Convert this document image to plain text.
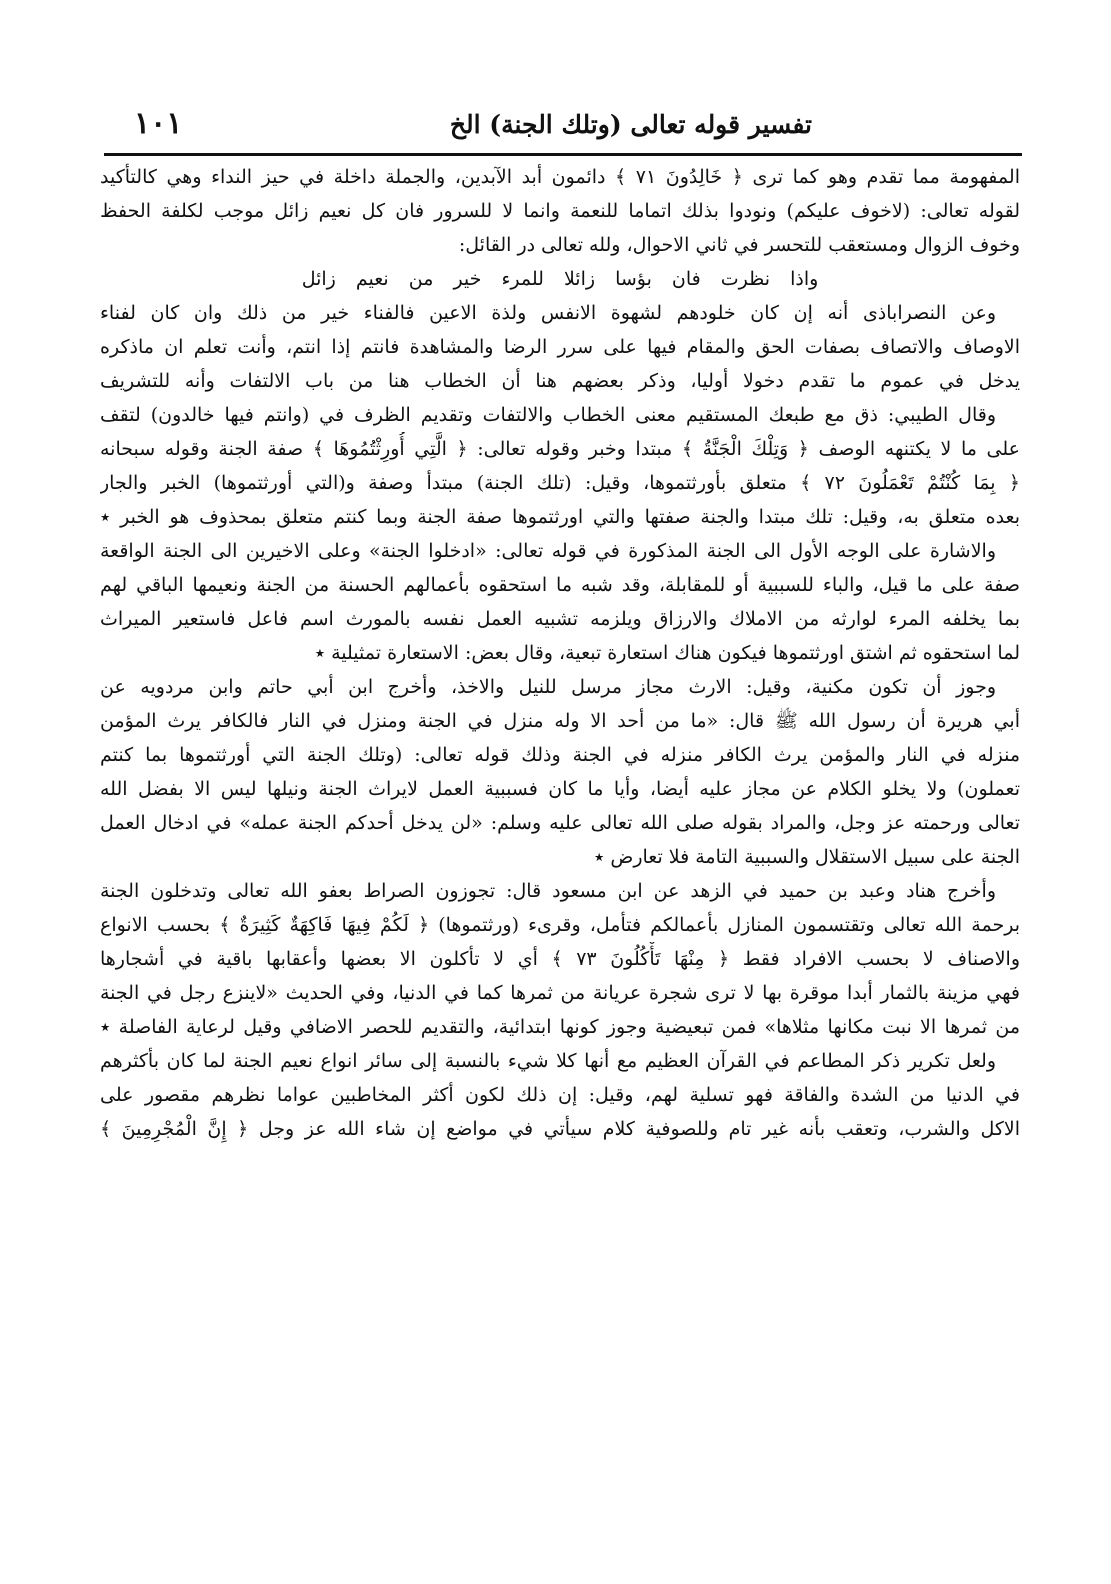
تفسير قوله تعالى (وتلك الجنة) الخ
١٠١
المفهومة مما تقدم وهو كما ترى ﴿ خَالِدُونَ ٧١ ﴾ دائمون أبد الآبدين، والجملة داخلة في حيز النداء وهي كالتأكيد
لقوله تعالى: (لاخوف عليكم) ونودوا بذلك اتماما للنعمة وانما لا للسرور فان كل نعيم زائل موجب لكلفة الحفظ
وخوف الزوال ومستعقب للتحسر في ثاني الاحوال، ولله تعالى در القائل:
واذا نظرت فان بؤسا زائلا للمرء خير من نعيم زائل
وعن النصراباذى أنه إن كان خلودهم لشهوة الانفس ولذة الاعين فالفناء خير من ذلك وان كان لفناء
الاوصاف والاتصاف بصفات الحق والمقام فيها على سرر الرضا والمشاهدة فانتم إذا انتم، وأنت تعلم ان ماذكره
يدخل في عموم ما تقدم دخولا أوليا، وذكر بعضهم هنا أن الخطاب هنا من باب الالتفات وأنه للتشريف
وقال الطيبي: ذق مع طبعك المستقيم معنى الخطاب والالتفات وتقديم الظرف في (وانتم فيها خالدون) لتقف
على ما لا يكتنهه الوصف ﴿ وَتِلْكَ الْجَنَّةُ ﴾ مبتدا وخبر وقوله تعالى: ﴿ الَّتِي أُورِثْتُمُوهَا ﴾ صفة الجنة وقوله سبحانه
﴿ بِمَا كُنْتُمْ تَعْمَلُونَ ٧٢ ﴾ متعلق بأورثتموها، وقيل: (تلك الجنة) مبتدأ وصفة و(التي أورثتموها) الخبر والجار
بعده متعلق به، وقيل: تلك مبتدا والجنة صفتها والتي اورثتموها صفة الجنة وبما كنتم متعلق بمحذوف هو الخبر ٭
والاشارة على الوجه الأول الى الجنة المذكورة في قوله تعالى: «ادخلوا الجنة» وعلى الاخيرين الى الجنة الواقعة
صفة على ما قيل، والباء للسببية أو للمقابلة، وقد شبه ما استحقوه بأعمالهم الحسنة من الجنة ونعيمها الباقي لهم
بما يخلفه المرء لوارثه من الاملاك والارزاق ويلزمه تشبيه العمل نفسه بالمورث اسم فاعل فاستعير الميراث
لما استحقوه ثم اشتق اورثتموها فيكون هناك استعارة تبعية، وقال بعض: الاستعارة تمثيلية ٭
وجوز أن تكون مكنية، وقيل: الارث مجاز مرسل للنيل والاخذ، وأخرج ابن أبي حاتم وابن مردويه عن
أبي هريرة أن رسول الله ﷺ قال: «ما من أحد الا وله منزل في الجنة ومنزل في النار فالكافر يرث المؤمن
منزله في النار والمؤمن يرث الكافر منزله في الجنة وذلك قوله تعالى: (وتلك الجنة التي أورثتموها بما كنتم
تعملون) ولا يخلو الكلام عن مجاز عليه أيضا، وأيا ما كان فسببية العمل لايراث الجنة ونيلها ليس الا بفضل الله
تعالى ورحمته عز وجل، والمراد بقوله صلى الله تعالى عليه وسلم: «لن يدخل أحدكم الجنة عمله» في ادخال العمل
الجنة على سبيل الاستقلال والسببية التامة فلا تعارض ٭
وأخرج هناد وعبد بن حميد في الزهد عن ابن مسعود قال: تجوزون الصراط بعفو الله تعالى وتدخلون الجنة
برحمة الله تعالى وتقتسمون المنازل بأعمالكم فتأمل، وقرىء (ورثتموها) ﴿ لَكُمْ فِيهَا فَاكِهَةٌ كَثِيرَةٌ ﴾ بحسب الانواع
والاصناف لا بحسب الافراد فقط ﴿ مِنْهَا تَأْكُلُونَ ٧٣ ﴾ أي لا تأكلون الا بعضها وأعقابها باقية في أشجارها
فهي مزينة بالثمار أبدا موقرة بها لا ترى شجرة عريانة من ثمرها كما في الدنيا، وفي الحديث «لاينزع رجل في الجنة
من ثمرها الا نبت مكانها مثلاها» فمن تبعيضية وجوز كونها ابتدائية، والتقديم للحصر الاضافي وقيل لرعاية الفاصلة ٭
ولعل تكرير ذكر المطاعم في القرآن العظيم مع أنها كلا شيء بالنسبة إلى سائر انواع نعيم الجنة لما كان بأكثرهم
في الدنيا من الشدة والفاقة فهو تسلية لهم، وقيل: إن ذلك لكون أكثر المخاطبين عواما نظرهم مقصور على
الاكل والشرب، وتعقب بأنه غير تام وللصوفية كلام سيأتي في مواضع إن شاء الله عز وجل ﴿ إِنَّ الْمُجْرِمِينَ ﴾
